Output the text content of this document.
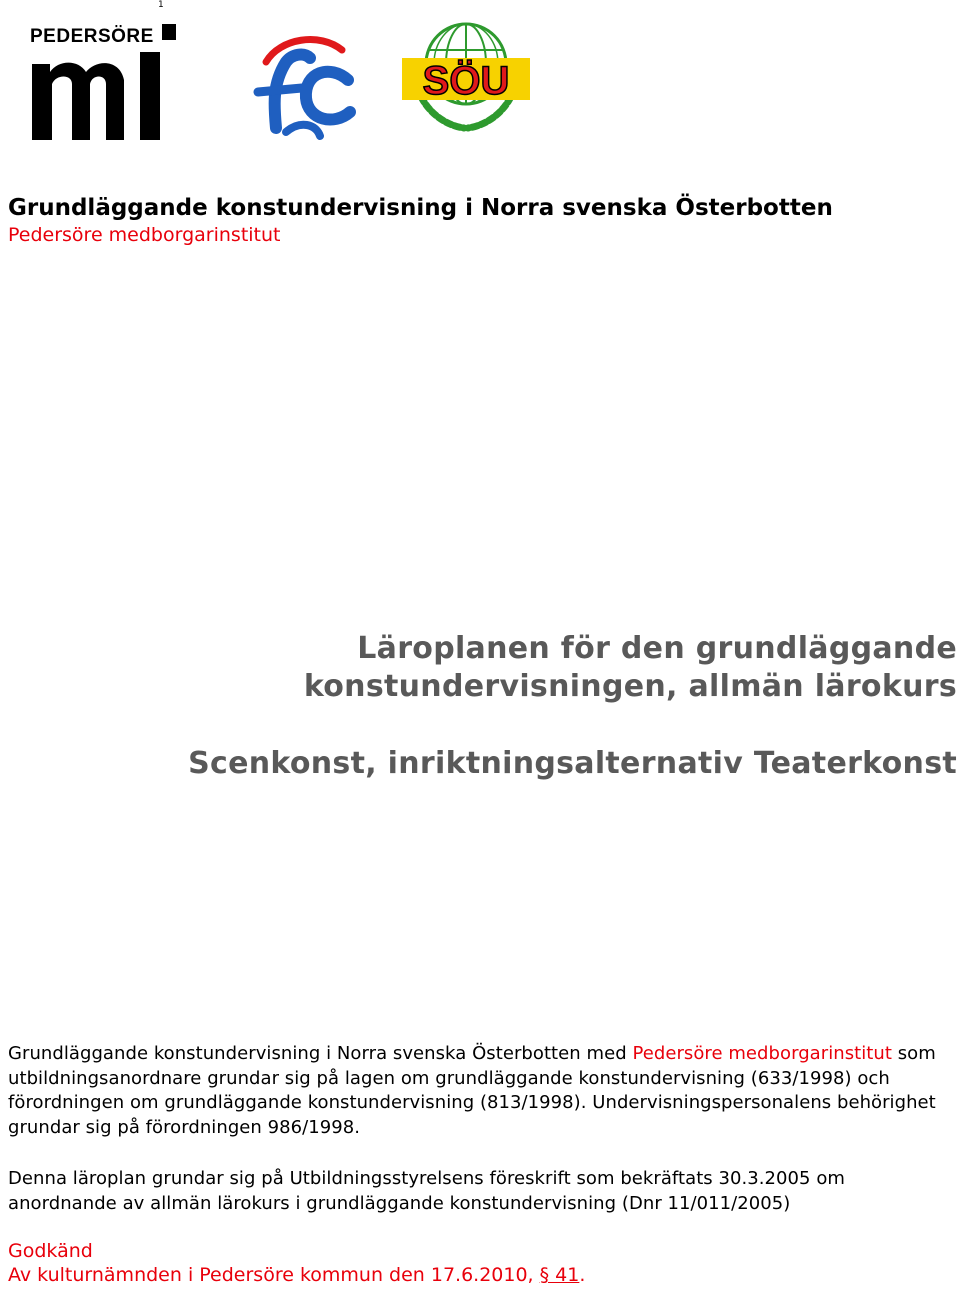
1
PEDERSÖRE
mi
fc
SÖU
Grundläggande konstundervisning i Norra svenska Österbotten
Pedersöre medborgarinstitut
Läroplanen för den grundläggande
konstundervisningen, allmän lärokurs
Scenkonst, inriktningsalternativ Teaterkonst

Grundläggande konstundervisning i Norra svenska Österbotten med Pedersöre medborgarinstitut som utbildningsanordnare grundar sig på lagen om grundläggande konstundervisning (633/1998) och förordningen om grundläggande konstundervisning (813/1998). Undervisningspersonalens behörighet grundar sig på förordningen 986/1998.

Denna läroplan grundar sig på Utbildningsstyrelsens föreskrift som bekräftats 30.3.2005 om anordnande av allmän lärokurs i grundläggande konstundervisning (Dnr 11/011/2005)

Godkänd
Av kulturnämnden i Pedersöre kommun den 17.6.2010, § 41.
